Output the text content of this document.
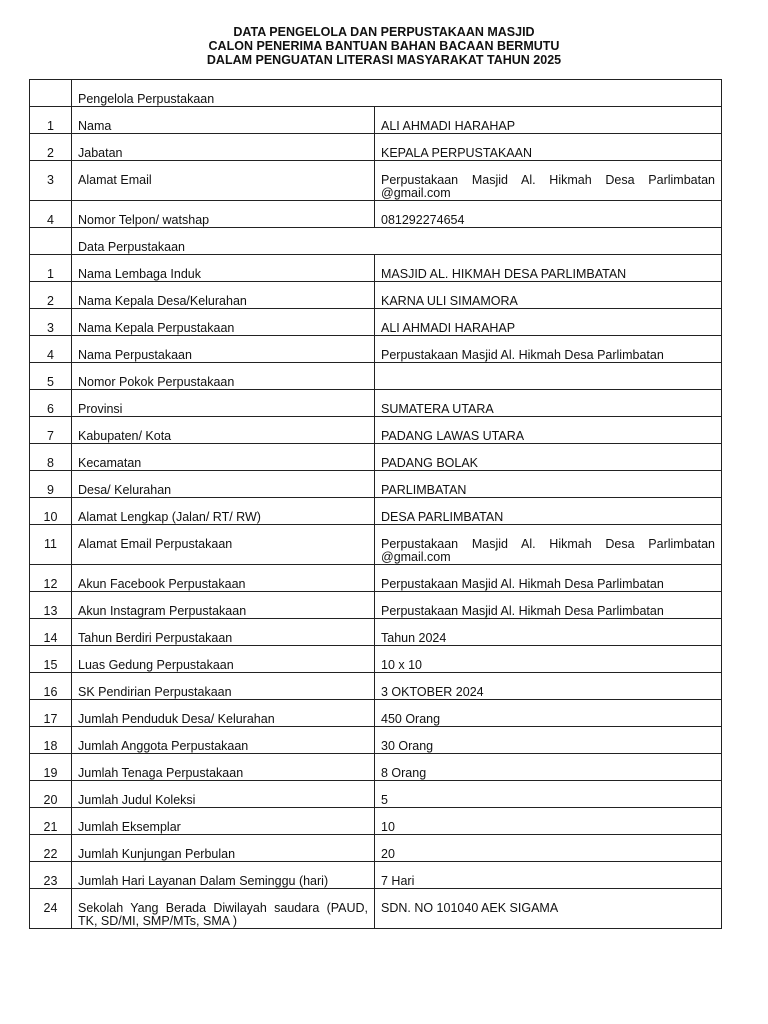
DATA PENGELOLA DAN PERPUSTAKAAN MASJID
CALON PENERIMA BANTUAN BAHAN BACAAN BERMUTU
DALAM PENGUATAN LITERASI MASYARAKAT TAHUN 2025
	Pengelola Perpustakaan	
1	Nama	ALI AHMADI HARAHAP
2	Jabatan	KEPALA PERPUSTAKAAN
3	Alamat Email	Perpustakaan Masjid Al. Hikmah Desa Parlimbatan @gmail.com
4	Nomor Telpon/ watshap	081292274654
	Data Perpustakaan	
1	Nama Lembaga Induk	MASJID AL. HIKMAH DESA PARLIMBATAN
2	Nama Kepala Desa/Kelurahan	KARNA ULI SIMAMORA
3	Nama Kepala Perpustakaan	ALI AHMADI HARAHAP
4	Nama Perpustakaan	Perpustakaan Masjid Al. Hikmah Desa Parlimbatan
5	Nomor Pokok Perpustakaan	
6	Provinsi	SUMATERA UTARA
7	Kabupaten/ Kota	PADANG LAWAS UTARA
8	Kecamatan	PADANG BOLAK
9	Desa/ Kelurahan	PARLIMBATAN
10	Alamat Lengkap (Jalan/ RT/ RW)	DESA PARLIMBATAN
11	Alamat Email Perpustakaan	Perpustakaan Masjid Al. Hikmah Desa Parlimbatan @gmail.com
12	Akun Facebook Perpustakaan	Perpustakaan Masjid Al. Hikmah Desa Parlimbatan
13	Akun Instagram Perpustakaan	Perpustakaan Masjid Al. Hikmah Desa Parlimbatan
14	Tahun Berdiri Perpustakaan	Tahun 2024
15	Luas Gedung Perpustakaan	10 x 10
16	SK Pendirian Perpustakaan	3 OKTOBER 2024
17	Jumlah Penduduk Desa/ Kelurahan	450 Orang
18	Jumlah Anggota Perpustakaan	30 Orang
19	Jumlah Tenaga Perpustakaan	8 Orang
20	Jumlah Judul Koleksi	5
21	Jumlah Eksemplar	10
22	Jumlah Kunjungan Perbulan	20
23	Jumlah Hari Layanan Dalam Seminggu (hari)	7 Hari
24	Sekolah Yang Berada Diwilayah saudara (PAUD, TK, SD/MI, SMP/MTs, SMA )	SDN. NO 101040 AEK SIGAMA
